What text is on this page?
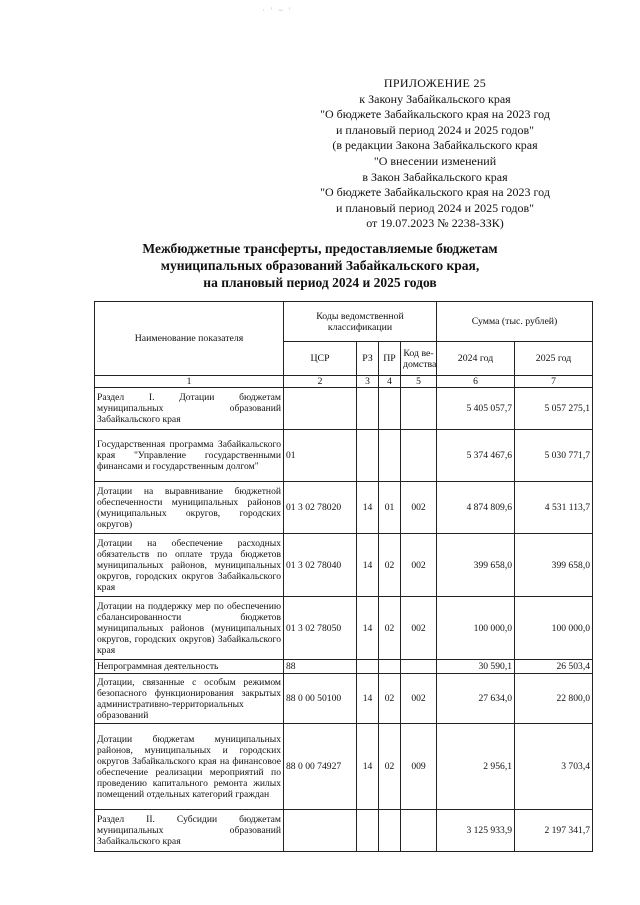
· ′ ~ ′
ПРИЛОЖЕНИЕ 25
к Закону Забайкальского края
"О бюджете Забайкальского края на 2023 год
и плановый период 2024 и 2025 годов"
(в редакции Закона Забайкальского края
"О внесении изменений
в Закон Забайкальского края
"О бюджете Забайкальского края на 2023 год
и плановый период 2024 и 2025 годов"
от 19.07.2023 № 2238-ЗЗК)
Межбюджетные трансферты, предоставляемые бюджетам
муниципальных образований Забайкальского края,
на плановый период 2024 и 2025 годов
Наименование показателя	Коды ведомственной классификации				Сумма (тыс. рублей)	
	ЦСР	РЗ	ПР	Код ве-домства	2024 год	2025 год
1	2	3	4	5	6	7
Раздел I. Дотации бюджетам муниципальных образований Забайкальского края					5 405 057,7	5 057 275,1
Государственная программа Забайкальского края "Управление государственными финансами и государственным долгом"	01				5 374 467,6	5 030 771,7
Дотации на выравнивание бюджетной обеспеченности муниципальных районов (муниципальных округов, городских округов)	01 3 02 78020	14	01	002	4 874 809,6	4 531 113,7
Дотации на обеспечение расходных обязательств по оплате труда бюджетов муниципальных районов, муниципальных округов, городских округов Забайкальского края	01 3 02 78040	14	02	002	399 658,0	399 658,0
Дотации на поддержку мер по обеспечению сбалансированности бюджетов муниципальных районов (муниципальных округов, городских округов) Забайкальского края	01 3 02 78050	14	02	002	100 000,0	100 000,0
Непрограммная деятельность	88				30 590,1	26 503,4
Дотации, связанные с особым режимом безопасного функционирования закрытых административно-территориальных образований	88 0 00 50100	14	02	002	27 634,0	22 800,0
Дотации бюджетам муниципальных районов, муниципальных и городских округов Забайкальского края на финансовое обеспечение реализации мероприятий по проведению капитального ремонта жилых помещений отдельных категорий граждан	88 0 00 74927	14	02	009	2 956,1	3 703,4
Раздел II. Субсидии бюджетам муниципальных образований Забайкальского края					3 125 933,9	2 197 341,7
